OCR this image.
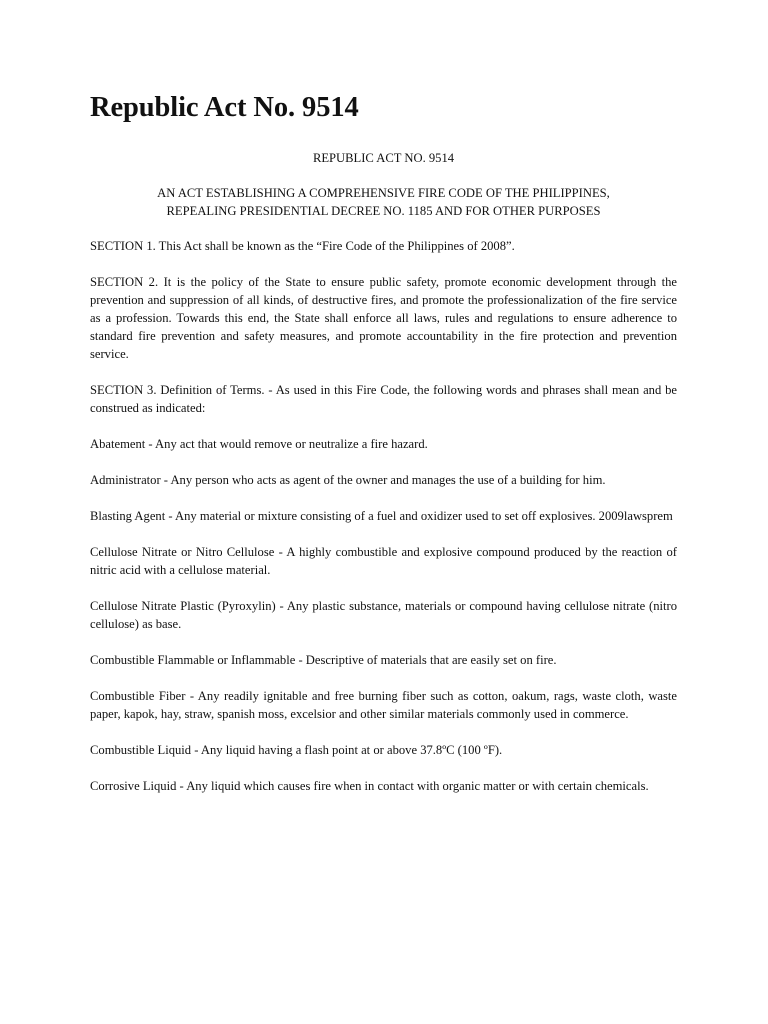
Republic Act No. 9514
REPUBLIC ACT NO. 9514
AN ACT ESTABLISHING A COMPREHENSIVE FIRE CODE OF THE PHILIPPINES,
REPEALING PRESIDENTIAL DECREE NO. 1185 AND FOR OTHER PURPOSES

SECTION 1. This Act shall be known as the “Fire Code of the Philippines of 2008”.

SECTION 2. It is the policy of the State to ensure public safety, promote economic development through the prevention and suppression of all kinds, of destructive fires, and promote the professionalization of the fire service as a profession. Towards this end, the State shall enforce all laws, rules and regulations to ensure adherence to standard fire prevention and safety measures, and promote accountability in the fire protection and prevention service.

SECTION 3. Definition of Terms. - As used in this Fire Code, the following words and phrases shall mean and be construed as indicated:

Abatement - Any act that would remove or neutralize a fire hazard.

Administrator - Any person who acts as agent of the owner and manages the use of a building for him.

Blasting Agent - Any material or mixture consisting of a fuel and oxidizer used to set off explosives. 2009lawsprem

Cellulose Nitrate or Nitro Cellulose - A highly combustible and explosive compound produced by the reaction of nitric acid with a cellulose material.

Cellulose Nitrate Plastic (Pyroxylin) - Any plastic substance, materials or compound having cellulose nitrate (nitro cellulose) as base.

Combustible Flammable or Inflammable - Descriptive of materials that are easily set on fire.

Combustible Fiber - Any readily ignitable and free burning fiber such as cotton, oakum, rags, waste cloth, waste paper, kapok, hay, straw, spanish moss, excelsior and other similar materials commonly used in commerce.

Combustible Liquid - Any liquid having a flash point at or above 37.8ºC (100 ºF).

Corrosive Liquid - Any liquid which causes fire when in contact with organic matter or with certain chemicals.
